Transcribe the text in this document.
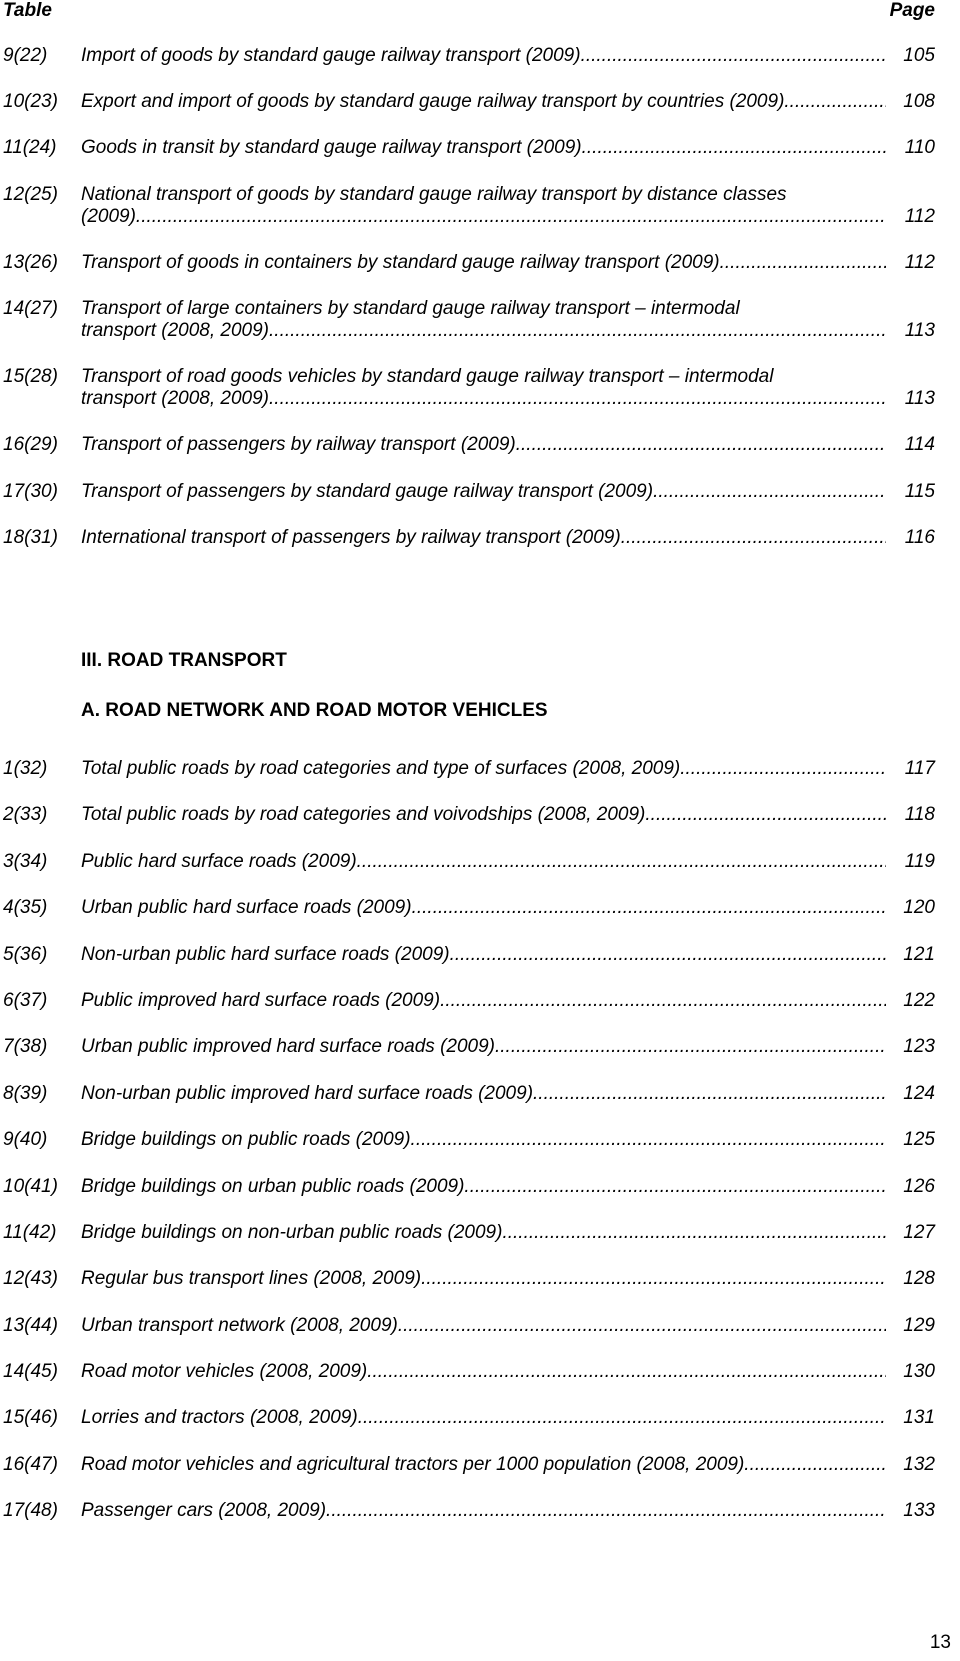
Table	Page
9(22)	Import of goods by standard gauge railway transport (2009) .....	105
10(23)	Export and import of goods by standard gauge railway transport by countries (2009) .....	108
11(24)	Goods in transit by standard gauge railway transport (2009) .....	110
12(25)	National transport of goods by standard gauge railway transport by distance classes
(2009) .....	112
13(26)	Transport of goods in containers by standard gauge railway transport (2009) .....	112
14(27)	Transport of large containers by standard gauge railway transport – intermodal
transport (2008, 2009) .....	113
15(28)	Transport of road goods vehicles by standard gauge railway transport – intermodal
transport (2008, 2009) .....	113
16(29)	Transport of passengers by railway transport (2009) .....	114
17(30)	Transport of passengers by standard gauge railway transport (2009) .....	115
18(31)	International transport of passengers by railway transport (2009) .....	116
III. ROAD TRANSPORT
A. ROAD NETWORK AND ROAD MOTOR VEHICLES
1(32)	Total public roads by road categories and type of surfaces (2008, 2009) .....	117
2(33)	Total public roads by road categories and voivodships (2008, 2009) .....	118
3(34)	Public hard surface roads (2009) .....	119
4(35)	Urban public hard surface roads (2009) .....	120
5(36)	Non-urban public hard surface roads (2009) .....	121
6(37)	Public improved hard surface roads (2009) .....	122
7(38)	Urban public improved hard surface roads (2009) .....	123
8(39)	Non-urban public improved hard surface roads (2009) .....	124
9(40)	Bridge buildings on public roads (2009) .....	125
10(41)	Bridge buildings on urban public roads (2009) .....	126
11(42)	Bridge buildings on non-urban public roads (2009) .....	127
12(43)	Regular bus transport lines (2008, 2009) .....	128
13(44)	Urban transport network (2008, 2009) .....	129
14(45)	Road motor vehicles (2008, 2009) .....	130
15(46)	Lorries and tractors (2008, 2009) .....	131
16(47)	Road motor vehicles and agricultural tractors per 1000 population (2008, 2009) .....	132
17(48)	Passenger cars (2008, 2009) .....	133
13
